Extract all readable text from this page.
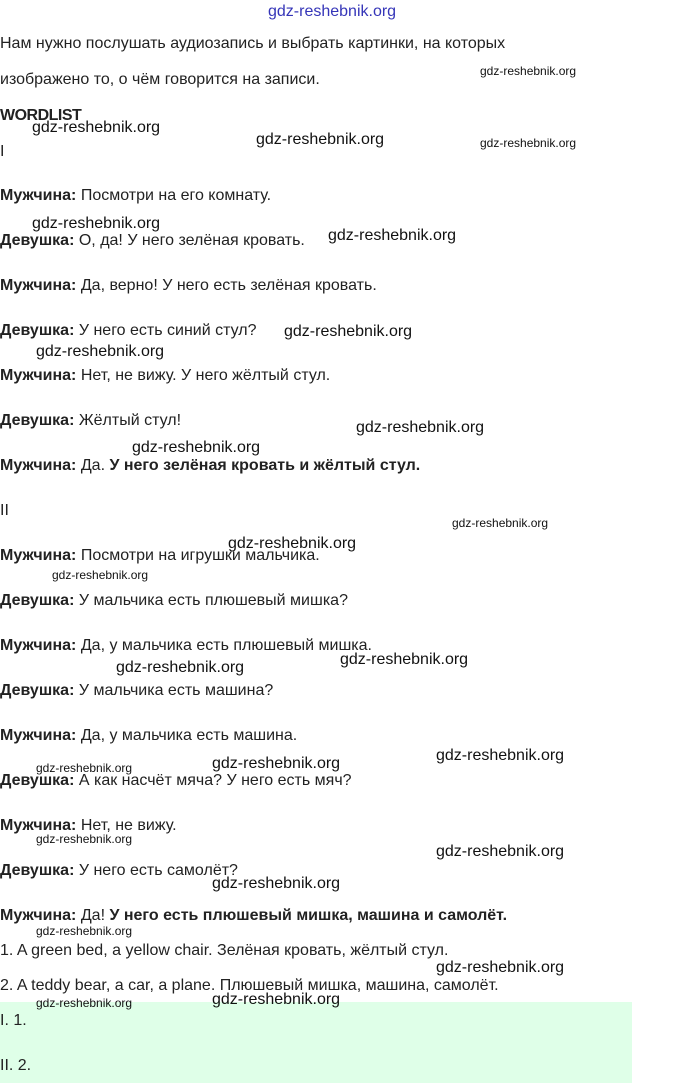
gdz-reshebnik.org
Нам нужно послушать аудиозапись и выбрать картинки, на которых
изображено то, о чём говорится на записи.
WORDLIST
I
Мужчина: Посмотри на его комнату.
Девушка: О, да! У него зелёная кровать.
Мужчина: Да, верно! У него есть зелёная кровать.
Девушка: У него есть синий стул?
Мужчина: Нет, не вижу. У него жёлтый стул.
Девушка: Жёлтый стул!
Мужчина: Да. У него зелёная кровать и жёлтый стул.
II
Мужчина: Посмотри на игрушки мальчика.
Девушка: У мальчика есть плюшевый мишка?
Мужчина: Да, у мальчика есть плюшевый мишка.
Девушка: У мальчика есть машина?
Мужчина: Да, у мальчика есть машина.
Девушка: А как насчёт мяча? У него есть мяч?
Мужчина: Нет, не вижу.
Девушка: У него есть самолёт?
Мужчина: Да! У него есть плюшевый мишка, машина и самолёт.
1. A green bed, a yellow chair. Зелёная кровать, жёлтый стул.
2. A teddy bear, a car, a plane. Плюшевый мишка, машина, самолёт.
I. 1.
II. 2.
gdz-reshebnik.org
gdz-reshebnik.org
gdz-reshebnik.org	gdz-reshebnik.org
gdz-reshebnik.org
gdz-reshebnik.org
gdz-reshebnik.org
gdz-reshebnik.org
gdz-reshebnik.org
gdz-reshebnik.org
gdz-reshebnik.org
gdz-reshebnik.org
gdz-reshebnik.org
gdz-reshebnik.org
gdz-reshebnik.org
gdz-reshebnik.org
gdz-reshebnik.org
gdz-reshebnik.org
gdz-reshebnik.org
gdz-reshebnik.org
gdz-reshebnik.org
gdz-reshebnik.org
gdz-reshebnik.org
gdz-reshebnik.org
gdz-reshebnik.org
